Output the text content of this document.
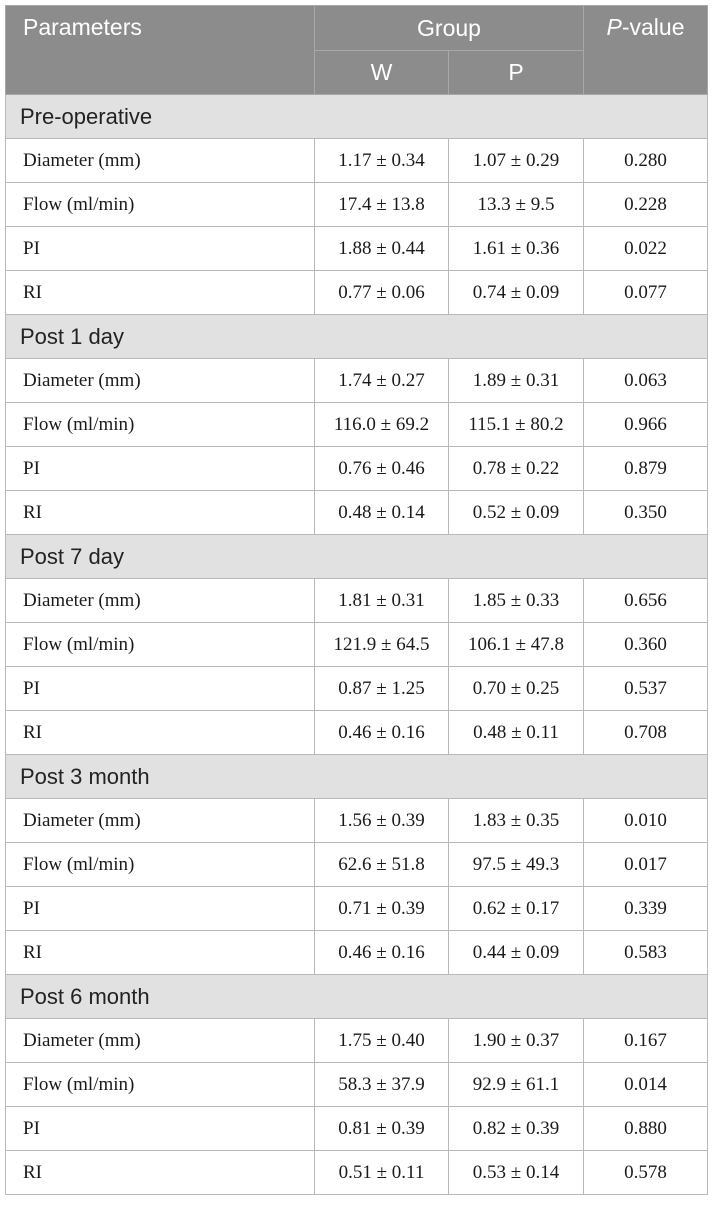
Parameters	Group		P-value
	W	P	
Pre-operative			
Diameter (mm)	1.17 ± 0.34	1.07 ± 0.29	0.280
Flow (ml/min)	17.4 ± 13.8	13.3 ± 9.5	0.228
PI	1.88 ± 0.44	1.61 ± 0.36	0.022
RI	0.77 ± 0.06	0.74 ± 0.09	0.077
Post 1 day			
Diameter (mm)	1.74 ± 0.27	1.89 ± 0.31	0.063
Flow (ml/min)	116.0 ± 69.2	115.1 ± 80.2	0.966
PI	0.76 ± 0.46	0.78 ± 0.22	0.879
RI	0.48 ± 0.14	0.52 ± 0.09	0.350
Post 7 day			
Diameter (mm)	1.81 ± 0.31	1.85 ± 0.33	0.656
Flow (ml/min)	121.9 ± 64.5	106.1 ± 47.8	0.360
PI	0.87 ± 1.25	0.70 ± 0.25	0.537
RI	0.46 ± 0.16	0.48 ± 0.11	0.708
Post 3 month			
Diameter (mm)	1.56 ± 0.39	1.83 ± 0.35	0.010
Flow (ml/min)	62.6 ± 51.8	97.5 ± 49.3	0.017
PI	0.71 ± 0.39	0.62 ± 0.17	0.339
RI	0.46 ± 0.16	0.44 ± 0.09	0.583
Post 6 month			
Diameter (mm)	1.75 ± 0.40	1.90 ± 0.37	0.167
Flow (ml/min)	58.3 ± 37.9	92.9 ± 61.1	0.014
PI	0.81 ± 0.39	0.82 ± 0.39	0.880
RI	0.51 ± 0.11	0.53 ± 0.14	0.578
